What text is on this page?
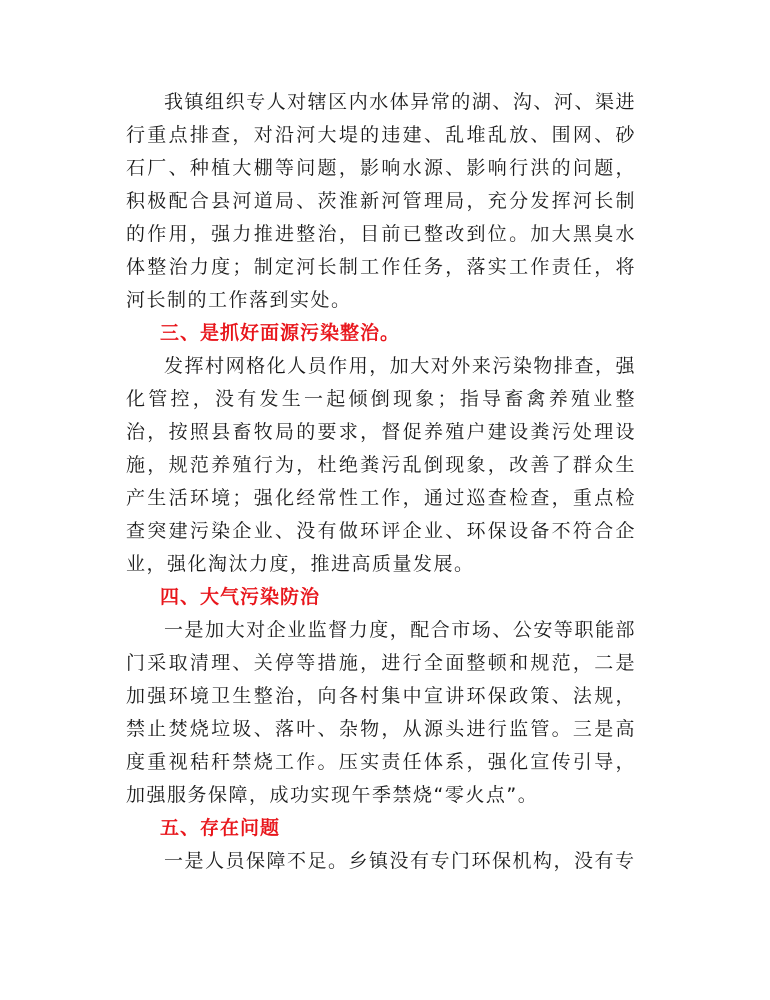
我镇组织专人对辖区内水体异常的湖、沟、河、渠进行重点排查，对沿河大堤的违建、乱堆乱放、围网、砂石厂、种植大棚等问题，影响水源、影响行洪的问题，积极配合县河道局、茨淮新河管理局，充分发挥河长制的作用，强力推进整治，目前已整改到位。加大黑臭水体整治力度；制定河长制工作任务，落实工作责任，将河长制的工作落到实处。

三、是抓好面源污染整治。

发挥村网格化人员作用，加大对外来污染物排查，强化管控，没有发生一起倾倒现象；指导畜禽养殖业整治，按照县畜牧局的要求，督促养殖户建设粪污处理设施，规范养殖行为，杜绝粪污乱倒现象，改善了群众生产生活环境；强化经常性工作，通过巡查检查，重点检查突建污染企业、没有做环评企业、环保设备不符合企业，强化淘汰力度，推进高质量发展。

四、大气污染防治

一是加大对企业监督力度，配合市场、公安等职能部门采取清理、关停等措施，进行全面整顿和规范，二是加强环境卫生整治，向各村集中宣讲环保政策、法规，禁止焚烧垃圾、落叶、杂物，从源头进行监管。三是高度重视秸秆禁烧工作。压实责任体系，强化宣传引导，加强服务保障，成功实现午季禁烧“零火点”。

五、存在问题

一是人员保障不足。乡镇没有专门环保机构，没有专
